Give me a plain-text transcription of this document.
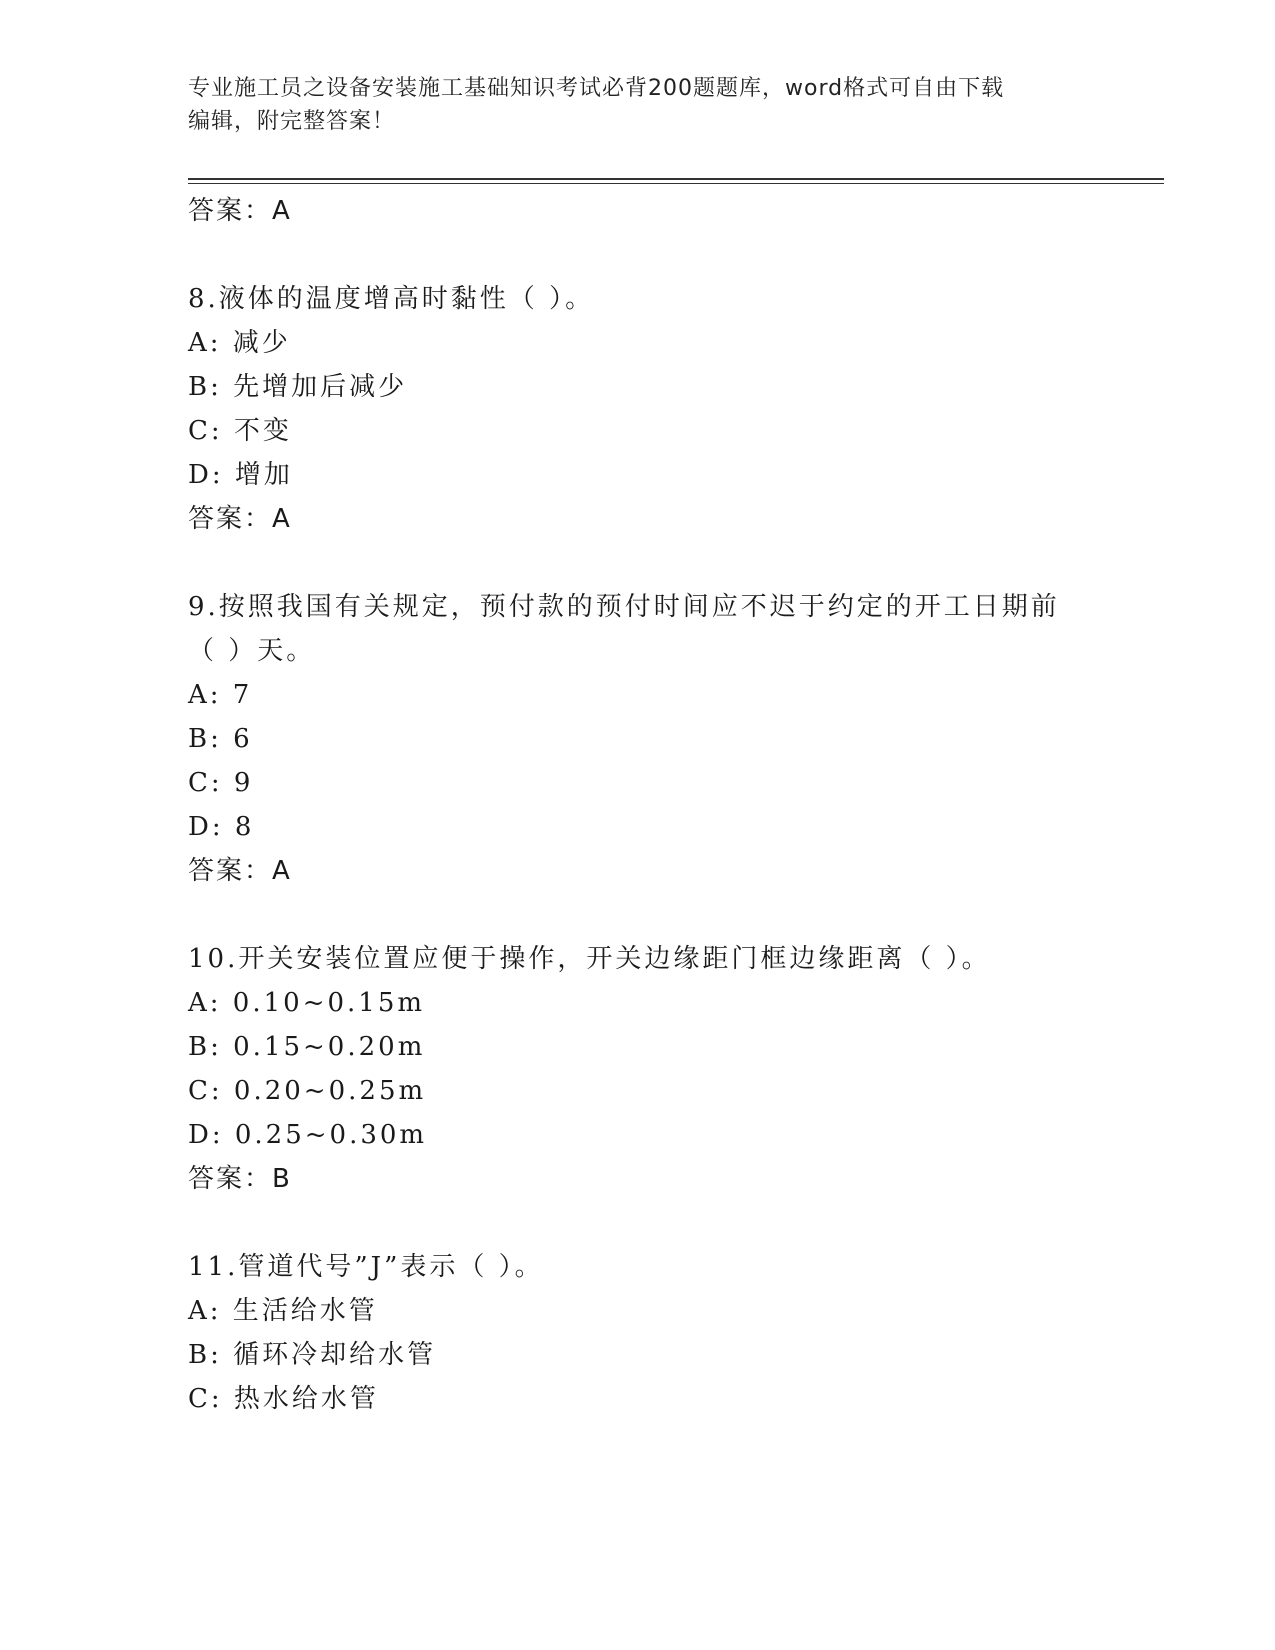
专业施工员之设备安装施工基础知识考试必背200题题库，word格式可自由下载
编辑，附完整答案！
答案：A
8.液体的温度增高时黏性（ ）。
A: 减少
B: 先增加后减少
C: 不变
D: 增加
答案：A
9.按照我国有关规定，预付款的预付时间应不迟于约定的开工日期前
（ ）天。
A: 7
B: 6
C: 9
D: 8
答案：A
10.开关安装位置应便于操作，开关边缘距门框边缘距离（ ）。
A: 0.10~0.15m
B: 0.15~0.20m
C: 0.20~0.25m
D: 0.25~0.30m
答案：B
11.管道代号”J”表示（ ）。
A: 生活给水管
B: 循环冷却给水管
C: 热水给水管
